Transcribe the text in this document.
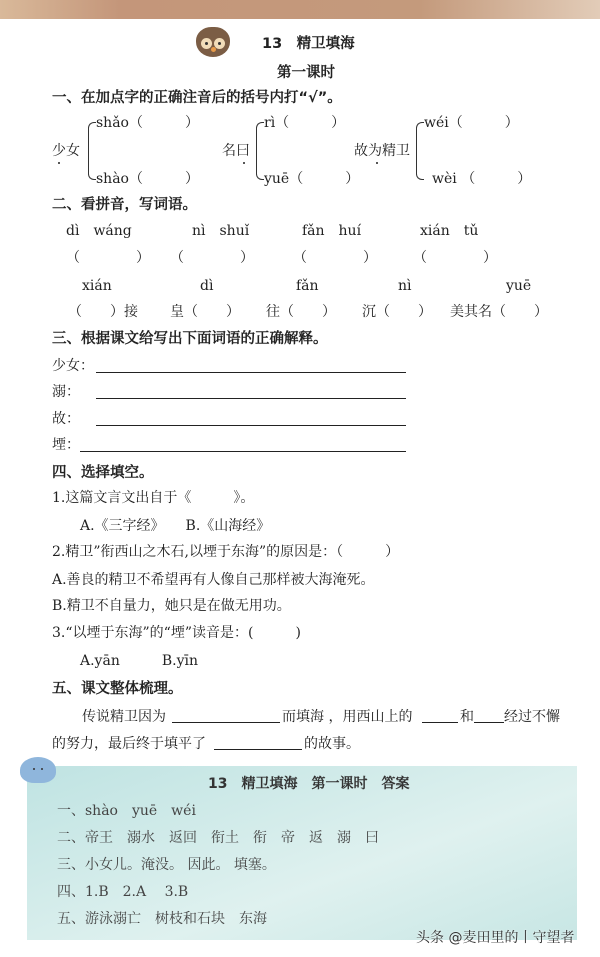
13　精卫填海
第一课时
一、在加点字的正确注音后的括号内打“√”。
少女
shǎo（　　　）
shào（　　　）
名曰
rì（　　　）
yuē（　　　）
故为精卫
wéi（　　　）
wèi （　　　）
二、看拼音，写词语。
dì　wáng	nì　shuǐ	fǎn　huí	xián　tǔ
（　　　　） （　　　　）	（　　　　）	（　　　　）
xián	dì	fǎn	nì	yuē
（　　）接 皇（　　） 往（　　） 沉（　　） 美其名（　　）
三、根据课文给写出下面词语的正确解释。
少女：
溺：
故：
堙：
四、选择填空。
1.这篇文言文出自于《　　　》。
A.《三字经》　　B.《山海经》
2.精卫”衔西山之木石,以堙于东海”的原因是：（　　　）
A.善良的精卫不希望再有人像自己那样被大海淹死。
B.精卫不自量力，她只是在做无用功。
3.“以堙于东海”的“堙”读音是：(　　　)
A.yān　　　B.yīn
五、课文整体梳理。
传说精卫因为	而填海 ，用西山上的	和 经过不懈
的努力，最后终于填平了	的故事。
13　精卫填海　第一课时　答案
一、shào　yuē　wéi
二、帝王　溺水　返回　衔土　衔　帝　返　溺　曰
三、小女儿。淹没。 因此。 填塞。
四、1.B　2.A　 3.B
五、游泳溺亡　树枝和石块　东海
头条 @麦田里的丨守望者
